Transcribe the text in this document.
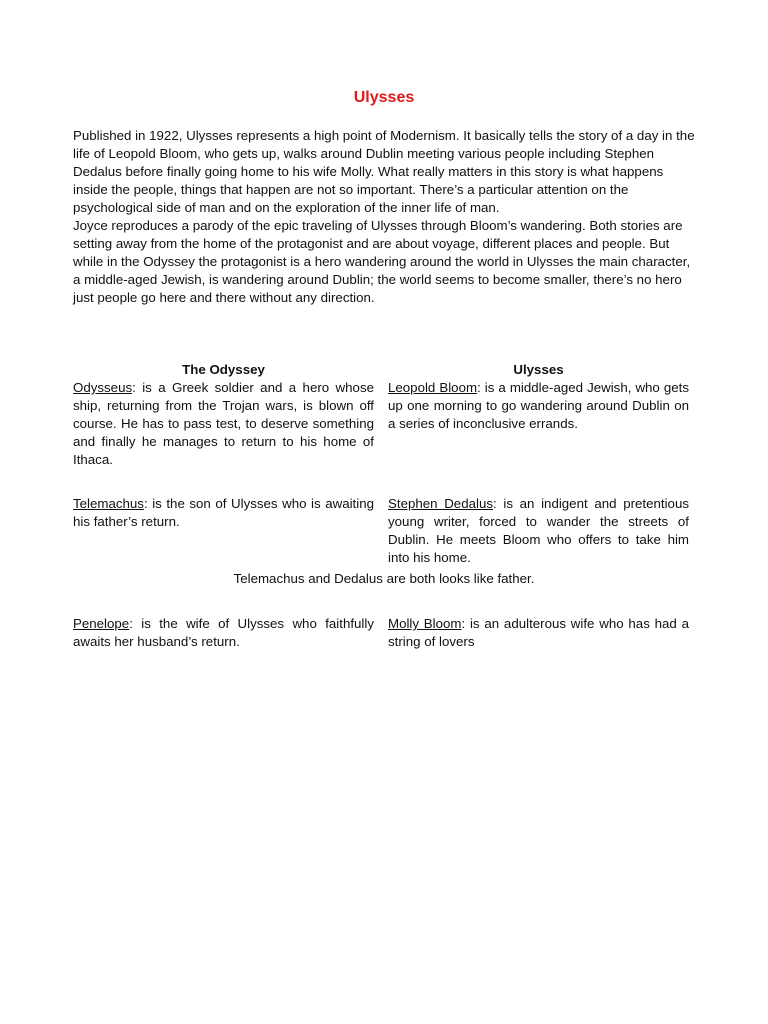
Ulysses

Published in 1922, Ulysses represents a high point of Modernism. It basically tells the story of a day in the life of Leopold Bloom, who gets up, walks around Dublin meeting various people including Stephen Dedalus before finally going home to his wife Molly. What really matters in this story is what happens inside the people, things that happen are not so important. There’s a particular attention on the psychological side of man and on the exploration of the inner life of man.

Joyce reproduces a parody of the epic traveling of Ulysses through Bloom’s wandering. Both stories are setting away from the home of the protagonist and are about voyage, different places and people. But while in the Odyssey the protagonist is a hero wandering around the world in Ulysses the main character, a middle-aged Jewish, is wandering around Dublin; the world seems to become smaller, there’s no hero just people go here and there without any direction.

The Odyssey	Ulysses
Odysseus: is a Greek soldier and a hero whose ship, returning from the Trojan wars, is blown off course. He has to pass test, to deserve something and finally he manages to return to his home of Ithaca.
Leopold Bloom: is a middle-aged Jewish, who gets up one morning to go wandering around Dublin on a series of inconclusive errands.
Telemachus: is the son of Ulysses who is awaiting his father’s return.
Stephen Dedalus: is an indigent and pretentious young writer, forced to wander the streets of Dublin. He meets Bloom who offers to take him into his home.
Telemachus and Dedalus are both looks like father.
Penelope: is the wife of Ulysses who faithfully awaits her husband’s return.
Molly Bloom: is an adulterous wife who has had a string of lovers
